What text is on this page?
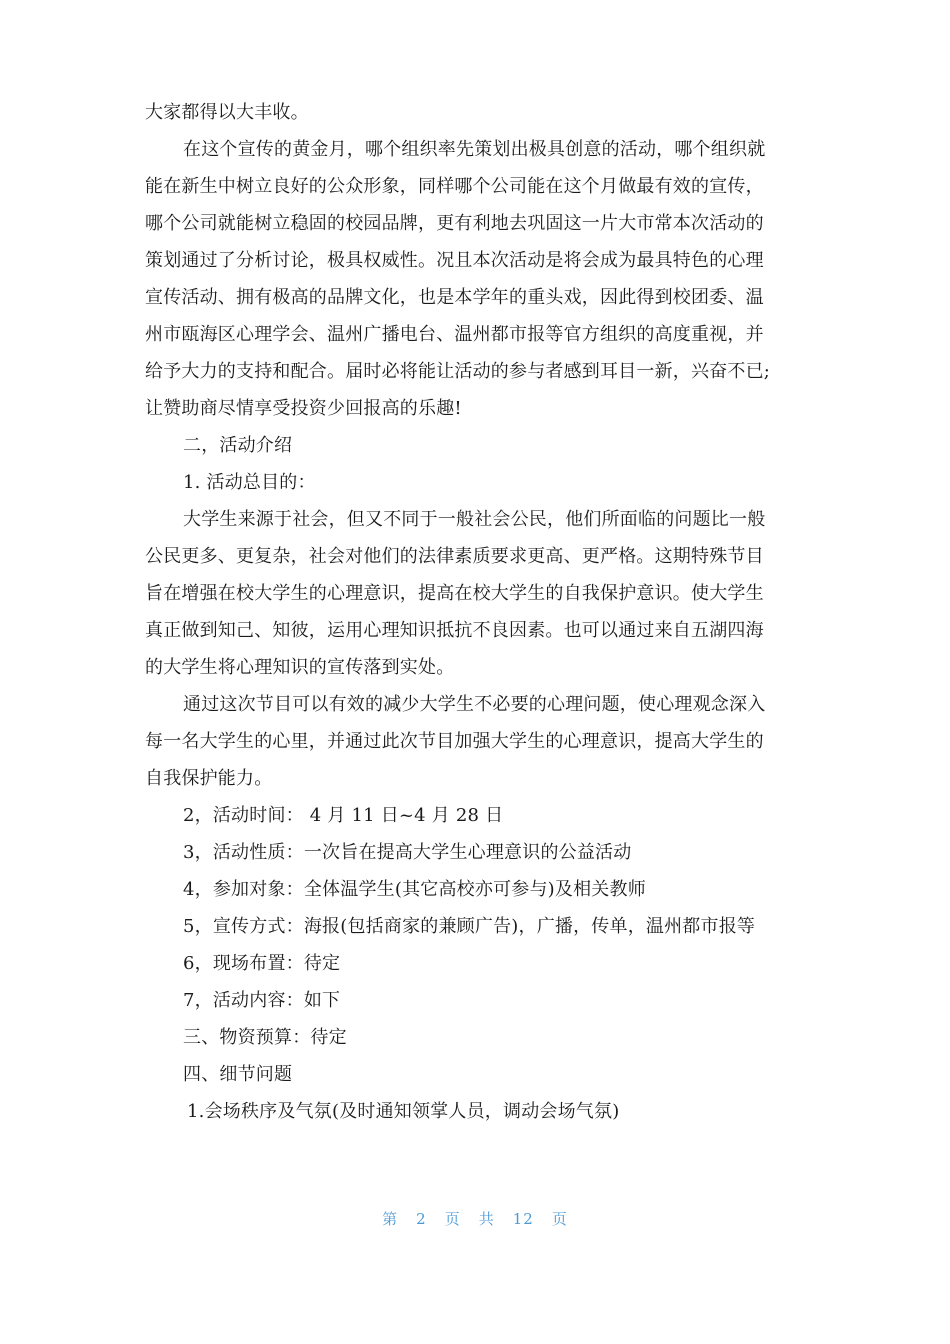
大家都得以大丰收。
在这个宣传的黄金月，哪个组织率先策划出极具创意的活动，哪个组织就
能在新生中树立良好的公众形象，同样哪个公司能在这个月做最有效的宣传，
哪个公司就能树立稳固的校园品牌，更有利地去巩固这一片大市常本次活动的
策划通过了分析讨论，极具权威性。况且本次活动是将会成为最具特色的心理
宣传活动、拥有极高的品牌文化，也是本学年的重头戏，因此得到校团委、温
州市瓯海区心理学会、温州广播电台、温州都市报等官方组织的高度重视，并
给予大力的支持和配合。届时必将能让活动的参与者感到耳目一新，兴奋不已;
让赞助商尽情享受投资少回报高的乐趣!
二，活动介绍
1. 活动总目的：
大学生来源于社会，但又不同于一般社会公民，他们所面临的问题比一般
公民更多、更复杂，社会对他们的法律素质要求更高、更严格。这期特殊节目
旨在增强在校大学生的心理意识，提高在校大学生的自我保护意识。使大学生
真正做到知己、知彼，运用心理知识抵抗不良因素。也可以通过来自五湖四海
的大学生将心理知识的宣传落到实处。
通过这次节目可以有效的减少大学生不必要的心理问题，使心理观念深入
每一名大学生的心里，并通过此次节目加强大学生的心理意识，提高大学生的
自我保护能力。
2，活动时间： 4 月 11 日~4 月 28 日
3，活动性质：一次旨在提高大学生心理意识的公益活动
4，参加对象：全体温学生(其它高校亦可参与)及相关教师
5，宣传方式：海报(包括商家的兼顾广告)，广播，传单，温州都市报等
6，现场布置：待定
7，活动内容：如下
三、物资预算：待定
四、细节问题
1.会场秩序及气氛(及时通知领掌人员，调动会场气氛)
第 2 页 共 12 页
